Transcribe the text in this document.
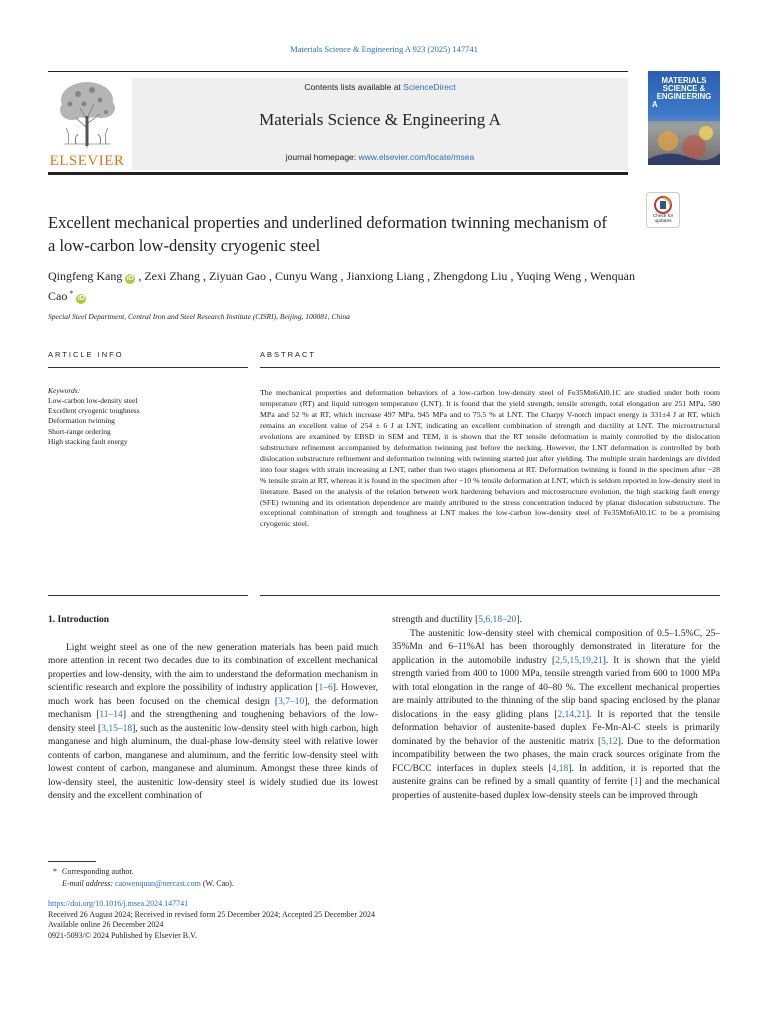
Materials Science & Engineering A 923 (2025) 147741
ELSEVIER
Contents lists available at ScienceDirect
Materials Science & Engineering A
journal homepage: www.elsevier.com/locate/msea
MATERIALS
SCIENCE &
ENGINEERING
A
Check for
updates
Excellent mechanical properties and underlined deformation twinning mechanism of a low-carbon low-density cryogenic steel
Qingfeng Kang iD , Zexi Zhang , Ziyuan Gao , Cunyu Wang , Jianxiong Liang , Zhengdong Liu , Yuqing Weng , Wenquan Cao * iD
Special Steel Department, Central Iron and Steel Research Institute (CISRI), Beijing, 100081, China
ARTICLE INFO
Keywords:
Low-carbon low-density steel
Excellent cryogenic toughness
Deformation twinning
Short-range ordering
High stacking fault energy
ABSTRACT

The mechanical properties and deformation behaviors of a low-carbon low-density steel of Fe35Mn6Al0.1C are studied under both room temperature (RT) and liquid nitrogen temperature (LNT). It is found that the yield strength, tensile strength, total elongation are 251 MPa, 580 MPa and 52 % at RT, which increase 497 MPa, 945 MPa and to 75.5 % at LNT. The Charpy V-notch impact energy is 331±4 J at RT, which remains an excellent value of 254 ± 6 J at LNT, indicating an excellent combination of strength and ductility at LNT. The microstructural evolutions are examined by EBSD in SEM and TEM, it is shown that the RT tensile deformation is mainly controlled by the dislocation substructure refinement accompanied by deformation twinning just before the necking. However, the LNT deformation is controlled by both dislocation substructure refinement and deformation twinning with twinning started just after yielding. The multiple strain hardenings are divided into four stages with strain increasing at LNT, rather than two stages phenomena at RT. Deformation twinning is found in the specimen after −28 % tensile strain at RT, whereas it is found in the specimen after −10 % tensile deformation at LNT, which is seldom reported in low-density steel in literature. Based on the analysis of the relation between work hardening behaviors and microstructure evolution, the high stacking fault energy (SFE) twinning and its orientation dependence are mainly attributed to the stress concentration induced by planar dislocation substructure. The exceptional combination of strength and toughness at LNT makes the low-carbon low-density steel of Fe35Mn6Al0.1C to be a promising cryogenic steel.

1. Introduction

Light weight steel as one of the new generation materials has been paid much more attention in recent two decades due to its combination of excellent mechanical properties and low-density, with the aim to understand the deformation mechanism in scientific research and explore the possibility of industry application [1–6]. However, much work has been focused on the chemical design [3,7–10], the deformation mechanism [11–14] and the strengthening and toughening behaviors of the low-density steel [3,15–18], such as the austenitic low-density steel with high carbon, high manganese and high aluminum, the dual-phase low-density steel with relative lower contents of carbon, manganese and aluminum, and the ferritic low-density steel with lowest content of carbon, manganese and aluminum. Amongst these three kinds of low-density steel, the austenitic low-density steel is widely studied due its lowest density and the excellent combination of

strength and ductility [5,6,18–20].

The austenitic low-density steel with chemical composition of 0.5–1.5%C, 25–35%Mn and 6–11%Al has been thoroughly demonstrated in literature for the application in the automobile industry [2,5,15,19,21]. It is shown that the yield strength varied from 400 to 1000 MPa, tensile strength varied from 600 to 1000 MPa with total elongation in the range of 40–80 %. The excellent mechanical properties are mainly attributed to the thinning of the slip band spacing enclosed by the planar dislocations in the easy gliding plans [2,14,21]. It is reported that the tensile deformation behavior of austenite-based duplex Fe-Mn-Al-C steels is primarily dominated by the behavior of the austenitic matrix [5,12]. Due to the deformation incompatibility between the two phases, the main crack sources originate from the FCC/BCC interfaces in duplex steels [4,18]. In addition, it is reported that the austenite grains can be refined by a small quantity of ferrite [1] and the mechanical properties of austenite-based duplex low-density steels can be improved through

* Corresponding author.
E-mail address: caowenquan@nercast.com (W. Cao).
https://doi.org/10.1016/j.msea.2024.147741
Received 26 August 2024; Received in revised form 25 December 2024; Accepted 25 December 2024
Available online 26 December 2024
0921-5093/© 2024 Published by Elsevier B.V.
